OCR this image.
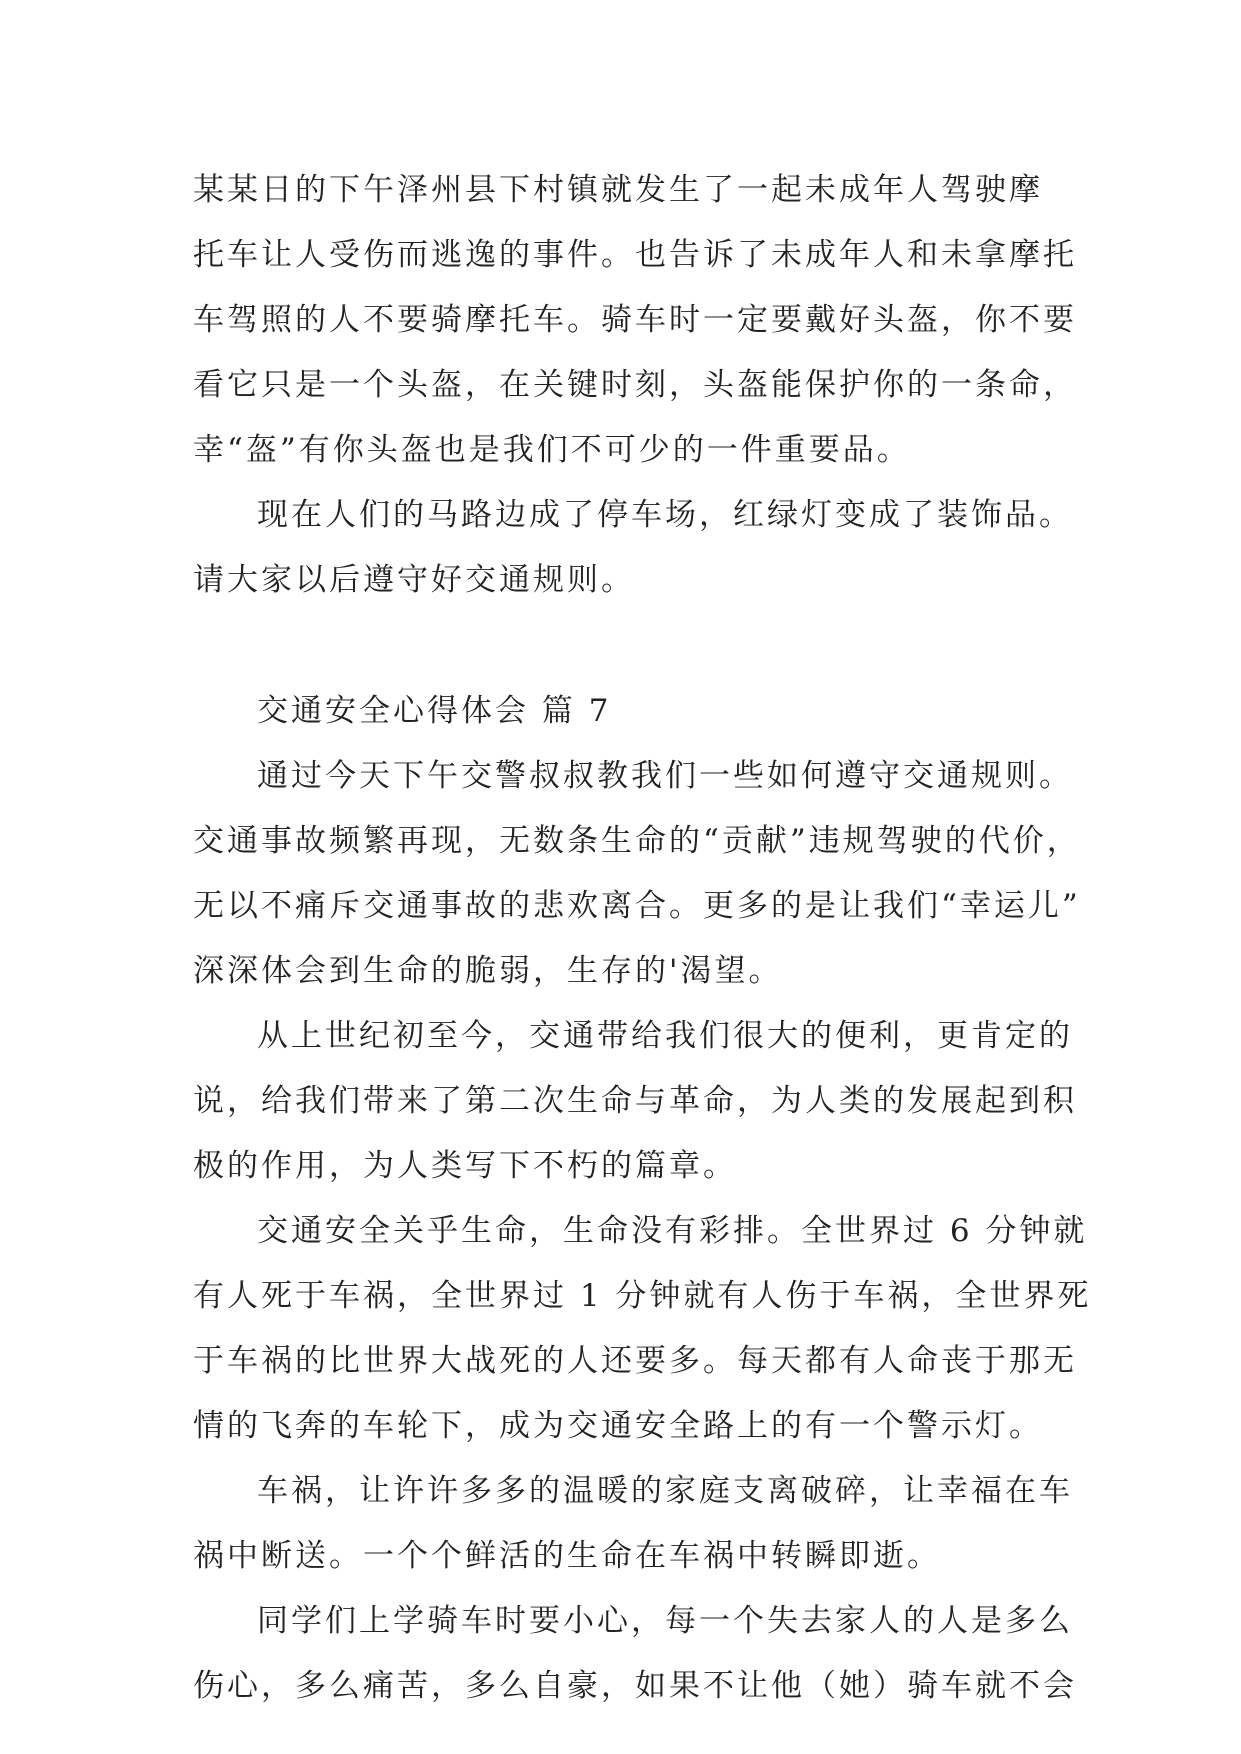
某某日的下午泽州县下村镇就发生了一起未成年人驾驶摩
托车让人受伤而逃逸的事件。也告诉了未成年人和未拿摩托
车驾照的人不要骑摩托车。骑车时一定要戴好头盔，你不要
看它只是一个头盔，在关键时刻，头盔能保护你的一条命，
幸“盔”有你头盔也是我们不可少的一件重要品。

现在人们的马路边成了停车场，红绿灯变成了装饰品。
请大家以后遵守好交通规则。

交通安全心得体会 篇 7

通过今天下午交警叔叔教我们一些如何遵守交通规则。
交通事故频繁再现，无数条生命的“贡献”违规驾驶的代价，
无以不痛斥交通事故的悲欢离合。更多的是让我们“幸运儿”
深深体会到生命的脆弱，生存的'渴望。

从上世纪初至今，交通带给我们很大的便利，更肯定的
说，给我们带来了第二次生命与革命，为人类的发展起到积
极的作用，为人类写下不朽的篇章。

交通安全关乎生命，生命没有彩排。全世界过 6 分钟就
有人死于车祸，全世界过 1 分钟就有人伤于车祸，全世界死
于车祸的比世界大战死的人还要多。每天都有人命丧于那无
情的飞奔的车轮下，成为交通安全路上的有一个警示灯。

车祸，让许许多多的温暖的家庭支离破碎，让幸福在车
祸中断送。一个个鲜活的生命在车祸中转瞬即逝。

同学们上学骑车时要小心，每一个失去家人的人是多么
伤心，多么痛苦，多么自豪，如果不让他（她）骑车就不会
